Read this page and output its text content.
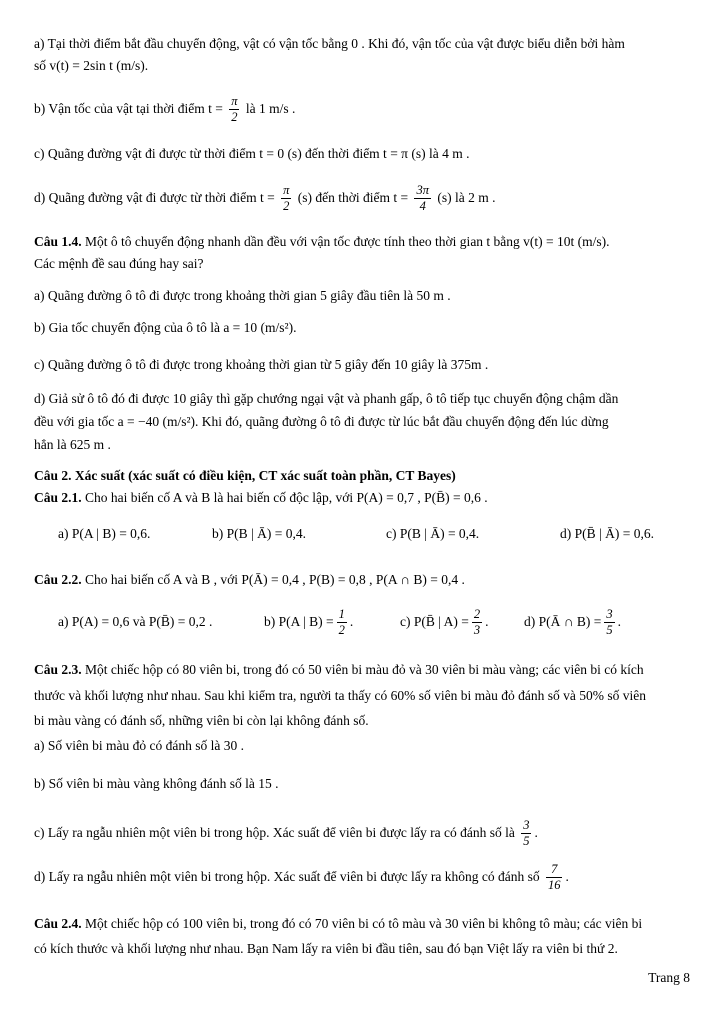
a) Tại thời điểm bắt đầu chuyển động, vật có vận tốc bằng 0 . Khi đó, vận tốc của vật được biểu diễn bởi hàm
số v(t) = 2sin t (m/s).
b) Vận tốc của vật tại thời điểm $t = \frac{\pi}{2}$ là 1 m/s .
c) Quãng đường vật đi được từ thời điểm t = 0 (s) đến thời điểm t = π (s) là 4 m .
d) Quãng đường vật đi được từ thời điểm $t = \frac{\pi}{2} (s)$ đến thời điểm $t = \frac{3\pi}{4} (s)$ là 2 m .
Câu 1.4. Một ô tô chuyển động nhanh dần đều với vận tốc được tính theo thời gian t bằng v(t) = 10t (m/s).
Các mệnh đề sau đúng hay sai?
a) Quãng đường ô tô đi được trong khoảng thời gian 5 giây đầu tiên là 50 m .
b) Gia tốc chuyển động của ô tô là a = 10 (m/s²).
c) Quãng đường ô tô đi được trong khoảng thời gian từ 5 giây đến 10 giây là 375m .
d) Giả sử ô tô đó đi được 10 giây thì gặp chướng ngại vật và phanh gấp, ô tô tiếp tục chuyển động chậm dần
đều với gia tốc a = −40 (m/s²). Khi đó, quãng đường ô tô đi được từ lúc bắt đầu chuyển động đến lúc dừng
hẳn là 625 m .
Câu 2. Xác suất (xác suất có điều kiện, CT xác suất toàn phần, CT Bayes)
Câu 2.1. Cho hai biến cố A và B là hai biến cố độc lập, với P(A) = 0,7 , P(B̄) = 0,6 .
a) P(A | B) = 0,6.	b) P(B | Ā) = 0,4.	c) P(B | Ā) = 0,4.	d) P(B̄ | Ā) = 0,6.
Câu 2.2. Cho hai biến cố A và B , với P(Ā) = 0,4 , P(B) = 0,8 , P(A ∩ B) = 0,4 .
a) P(A) = 0,6 và P(B̄) = 0,2 .	b) P(A | $B) = \frac{1}{2}$ .	c) P(B̄ | $A) = \frac{2}{3}$ .	d) P(Ā ∩ $B) = \frac{3}{5}$ .
Câu 2.3. Một chiếc hộp có 80 viên bi, trong đó có 50 viên bi màu đỏ và 30 viên bi màu vàng; các viên bi có kích
thước và khối lượng như nhau. Sau khi kiểm tra, người ta thấy có 60% số viên bi màu đỏ đánh số và 50% số viên
bi màu vàng có đánh số, những viên bi còn lại không đánh số.
a) Số viên bi màu đỏ có đánh số là 30 .
b) Số viên bi màu vàng không đánh số là 15 .
c) Lấy ra ngẫu nhiên một viên bi trong hộp. Xác suất để viên bi được lấy ra có đánh số là $\frac{3}{5}$ .
d) Lấy ra ngẫu nhiên một viên bi trong hộp. Xác suất để viên bi được lấy ra không có đánh số $\frac{7}{16}$ .
Câu 2.4. Một chiếc hộp có 100 viên bi, trong đó có 70 viên bi có tô màu và 30 viên bi không tô màu; các viên bi
có kích thước và khối lượng như nhau. Bạn Nam lấy ra viên bi đầu tiên, sau đó bạn Việt lấy ra viên bi thứ 2.
Trang 8
